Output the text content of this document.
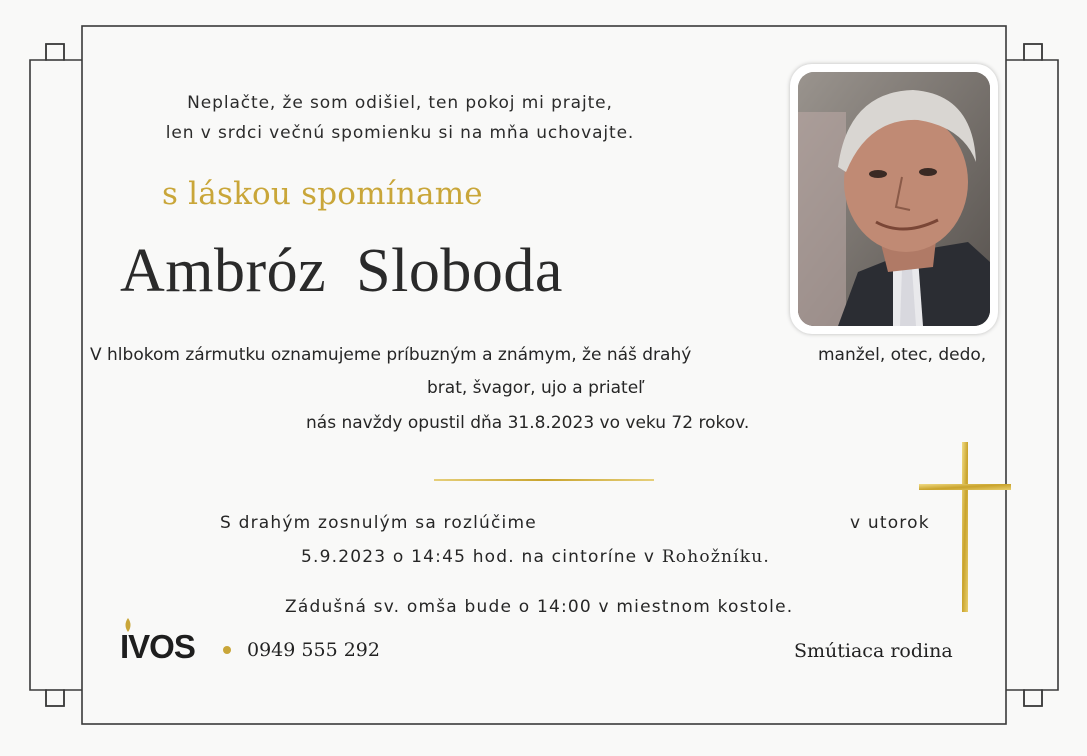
Neplačte, že som odišiel, ten pokoj mi prajte,
len v srdci večnú spomienku si na mňa uchovajte.
s láskou spomíname
Ambróz Sloboda
V hlbokom zármutku oznamujeme príbuzným a známym, že náš drahý	manžel, otec, dedo,
brat, švagor, ujo a priateľ
nás navždy opustil dňa 31.8.2023 vo veku 72 rokov.
S drahým zosnulým sa rozlúčime	v utorok
5.9.2023 o 14:45 hod. na cintoríne v Rohožníku.
Zádušná sv. omša bude o 14:00 v miestnom kostole.
IVOS	0949 555 292	Smútiaca rodina
